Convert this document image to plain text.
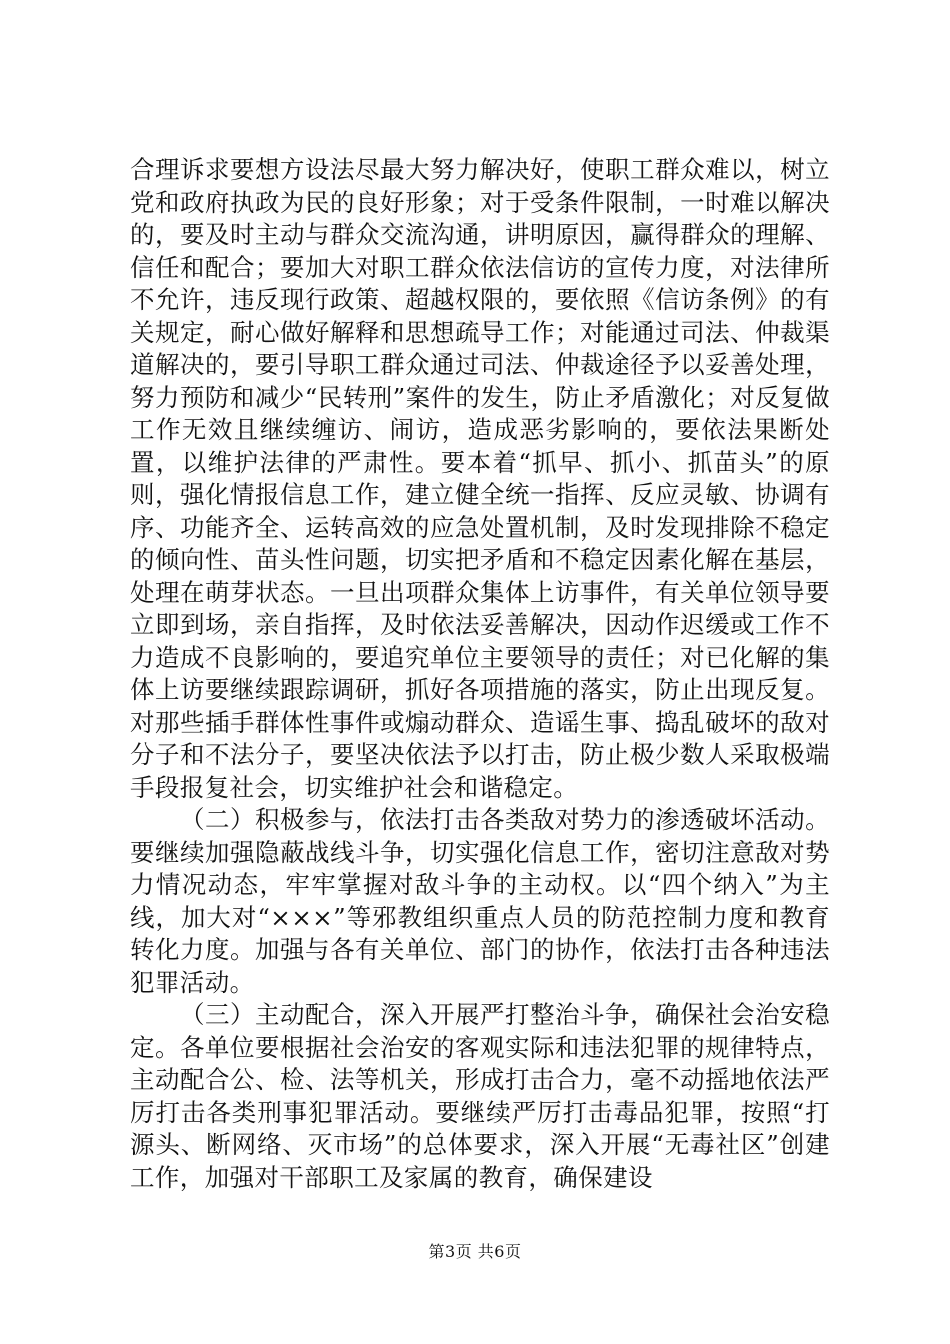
合理诉求要想方设法尽最大努力解决好，使职工群众难以，树立党和政府执政为民的良好形象；对于受条件限制，一时难以解决的，要及时主动与群众交流沟通，讲明原因，赢得群众的理解、信任和配合；要加大对职工群众依法信访的宣传力度，对法律所不允许，违反现行政策、超越权限的，要依照《信访条例》的有关规定，耐心做好解释和思想疏导工作；对能通过司法、仲裁渠道解决的，要引导职工群众通过司法、仲裁途径予以妥善处理，努力预防和减少“民转刑”案件的发生，防止矛盾激化；对反复做工作无效且继续缠访、闹访，造成恶劣影响的，要依法果断处置，以维护法律的严肃性。要本着“抓早、抓小、抓苗头”的原则，强化情报信息工作，建立健全统一指挥、反应灵敏、协调有序、功能齐全、运转高效的应急处置机制，及时发现排除不稳定的倾向性、苗头性问题，切实把矛盾和不稳定因素化解在基层，处理在萌芽状态。一旦出项群众集体上访事件，有关单位领导要立即到场，亲自指挥，及时依法妥善解决，因动作迟缓或工作不力造成不良影响的，要追究单位主要领导的责任；对已化解的集体上访要继续跟踪调研，抓好各项措施的落实，防止出现反复。对那些插手群体性事件或煽动群众、造谣生事、捣乱破坏的敌对分子和不法分子，要坚决依法予以打击，防止极少数人采取极端手段报复社会，切实维护社会和谐稳定。

（二）积极参与，依法打击各类敌对势力的渗透破坏活动。要继续加强隐蔽战线斗争，切实强化信息工作，密切注意敌对势力情况动态，牢牢掌握对敌斗争的主动权。以“四个纳入”为主线，加大对“×××”等邪教组织重点人员的防范控制力度和教育转化力度。加强与各有关单位、部门的协作，依法打击各种违法犯罪活动。

（三）主动配合，深入开展严打整治斗争，确保社会治安稳定。各单位要根据社会治安的客观实际和违法犯罪的规律特点，主动配合公、检、法等机关，形成打击合力，毫不动摇地依法严厉打击各类刑事犯罪活动。要继续严厉打击毒品犯罪，按照“打源头、断网络、灭市场”的总体要求，深入开展“无毒社区”创建工作，加强对干部职工及家属的教育，确保建设

第3页 共6页
